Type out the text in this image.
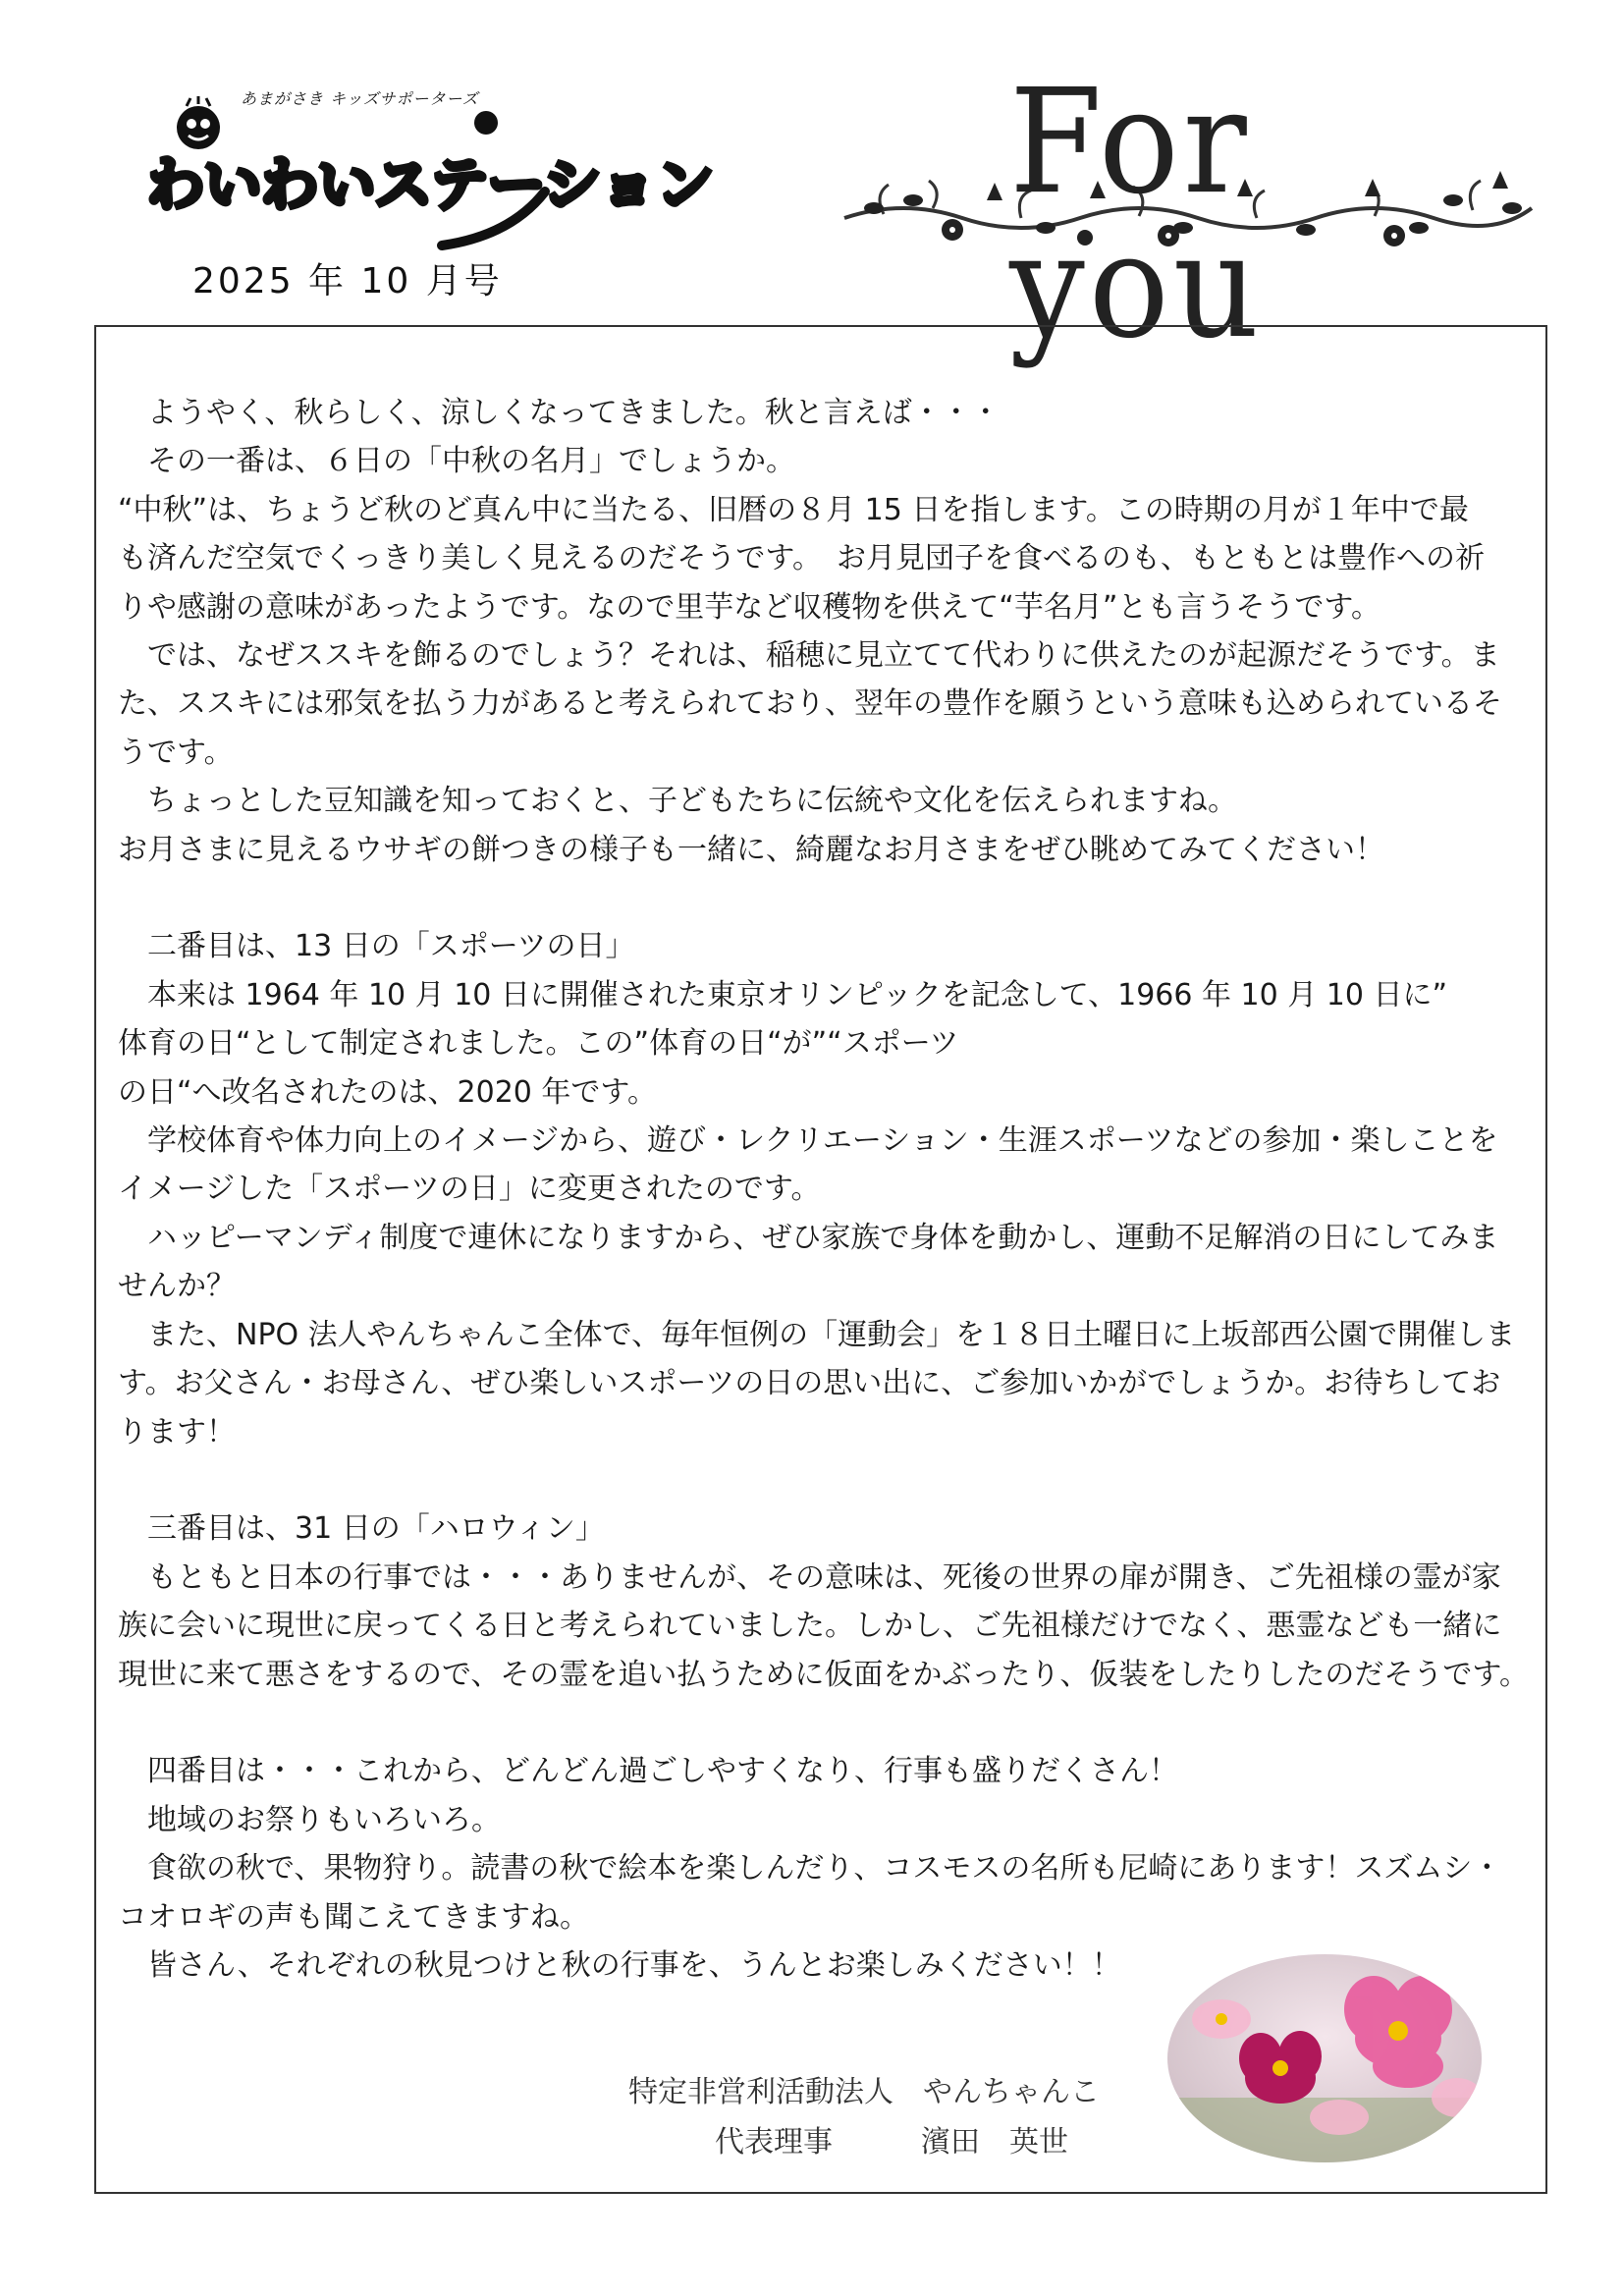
あまがさき キッズサポーターズ
わいわいステーション
2025 年 10 月号
For you

ようやく、秋らしく、涼しくなってきました。秋と言えば・・・

その一番は、６日の「中秋の名月」でしょうか。

“中秋”は、ちょうど秋のど真ん中に当たる、旧暦の８月 15 日を指します。この時期の月が１年中で最

も済んだ空気でくっきり美しく見えるのだそうです。　お月見団子を食べるのも、もともとは豊作への祈

りや感謝の意味があったようです。なので里芋など収穫物を供えて“芋名月”とも言うそうです。

では、なぜススキを飾るのでしょう？それは、稲穂に見立てて代わりに供えたのが起源だそうです。ま

た、ススキには邪気を払う力があると考えられており、翌年の豊作を願うという意味も込められているそ

うです。

ちょっとした豆知識を知っておくと、子どもたちに伝統や文化を伝えられますね。

お月さまに見えるウサギの餅つきの様子も一緒に、綺麗なお月さまをぜひ眺めてみてください！

二番目は、13 日の「スポーツの日」

本来は 1964 年 10 月 10 日に開催された東京オリンピックを記念して、1966 年 10 月 10 日に”

体育の日“として制定されました。この”体育の日“が”“スポーツ

の日“へ改名されたのは、2020 年です。

学校体育や体力向上のイメージから、遊び・レクリエーション・生涯スポーツなどの参加・楽しことを

イメージした「スポーツの日」に変更されたのです。

ハッピーマンディ制度で連休になりますから、ぜひ家族で身体を動かし、運動不足解消の日にしてみま

せんか？

また、NPO 法人やんちゃんこ全体で、毎年恒例の「運動会」を１８日土曜日に上坂部西公園で開催しま

す。お父さん・お母さん、ぜひ楽しいスポーツの日の思い出に、ご参加いかがでしょうか。お待ちしてお

ります！

三番目は、31 日の「ハロウィン」

もともと日本の行事では・・・ありませんが、その意味は、死後の世界の扉が開き、ご先祖様の霊が家

族に会いに現世に戻ってくる日と考えられていました。しかし、ご先祖様だけでなく、悪霊なども一緒に

現世に来て悪さをするので、その霊を追い払うために仮面をかぶったり、仮装をしたりしたのだそうです。

四番目は・・・これから、どんどん過ごしやすくなり、行事も盛りだくさん！

地域のお祭りもいろいろ。

食欲の秋で、果物狩り。読書の秋で絵本を楽しんだり、コスモスの名所も尼崎にあります！スズムシ・

コオロギの声も聞こえてきますね。

皆さん、それぞれの秋見つけと秋の行事を、うんとお楽しみください！！

特定非営利活動法人　やんちゃんこ
代表理事　　　濱田　英世
